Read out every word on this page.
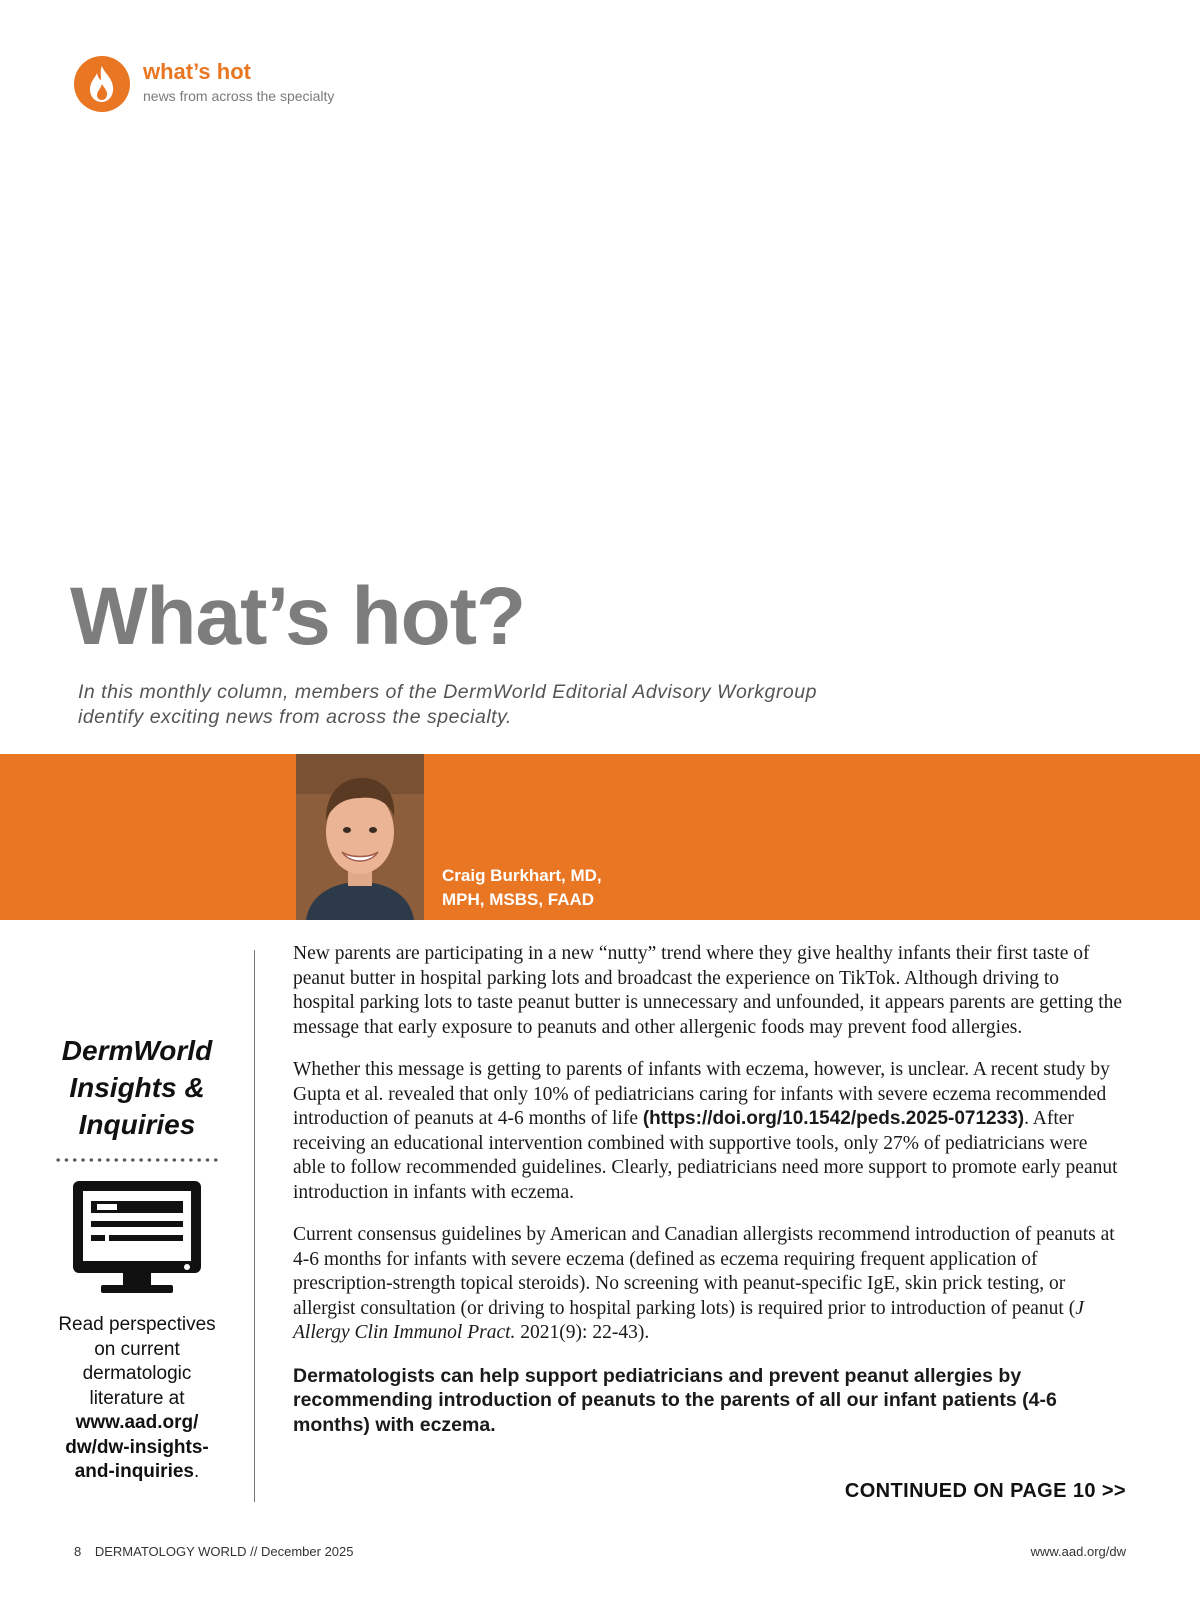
what’s hot
news from across the specialty
What’s hot?
In this monthly column, members of the DermWorld Editorial Advisory Workgroup identify exciting news from across the specialty.
Craig Burkhart, MD,
MPH, MSBS, FAAD
DermWorld
Insights &
Inquiries
Read perspectives on current dermatologic literature at
www.aad.org/
dw/dw-insights-
and-inquiries.

New parents are participating in a new “nutty” trend where they give healthy infants their first taste of peanut butter in hospital parking lots and broadcast the experience on TikTok. Although driving to hospital parking lots to taste peanut butter is unnecessary and unfounded, it appears parents are getting the message that early exposure to peanuts and other allergenic foods may prevent food allergies.

Whether this message is getting to parents of infants with eczema, however, is unclear. A recent study by Gupta et al. revealed that only 10% of pediatricians caring for infants with severe eczema recommended introduction of peanuts at 4-6 months of life (https://doi.org/10.1542/peds.2025-071233). After receiving an educational intervention combined with supportive tools, only 27% of pediatricians were able to follow recommended guidelines. Clearly, pediatricians need more support to promote early peanut introduction in infants with eczema.

Current consensus guidelines by American and Canadian allergists recommend introduction of peanuts at 4-6 months for infants with severe eczema (defined as eczema requiring frequent application of prescription-strength topical steroids). No screening with peanut-specific IgE, skin prick testing, or allergist consultation (or driving to hospital parking lots) is required prior to introduction of peanut (J Allergy Clin Immunol Pract. 2021(9): 22-43).

Dermatologists can help support pediatricians and prevent peanut allergies by recommending introduction of peanuts to the parents of all our infant patients (4-6 months) with eczema.

CONTINUED ON PAGE 10 >>
8 DERMATOLOGY WORLD // December 2025	www.aad.org/dw
